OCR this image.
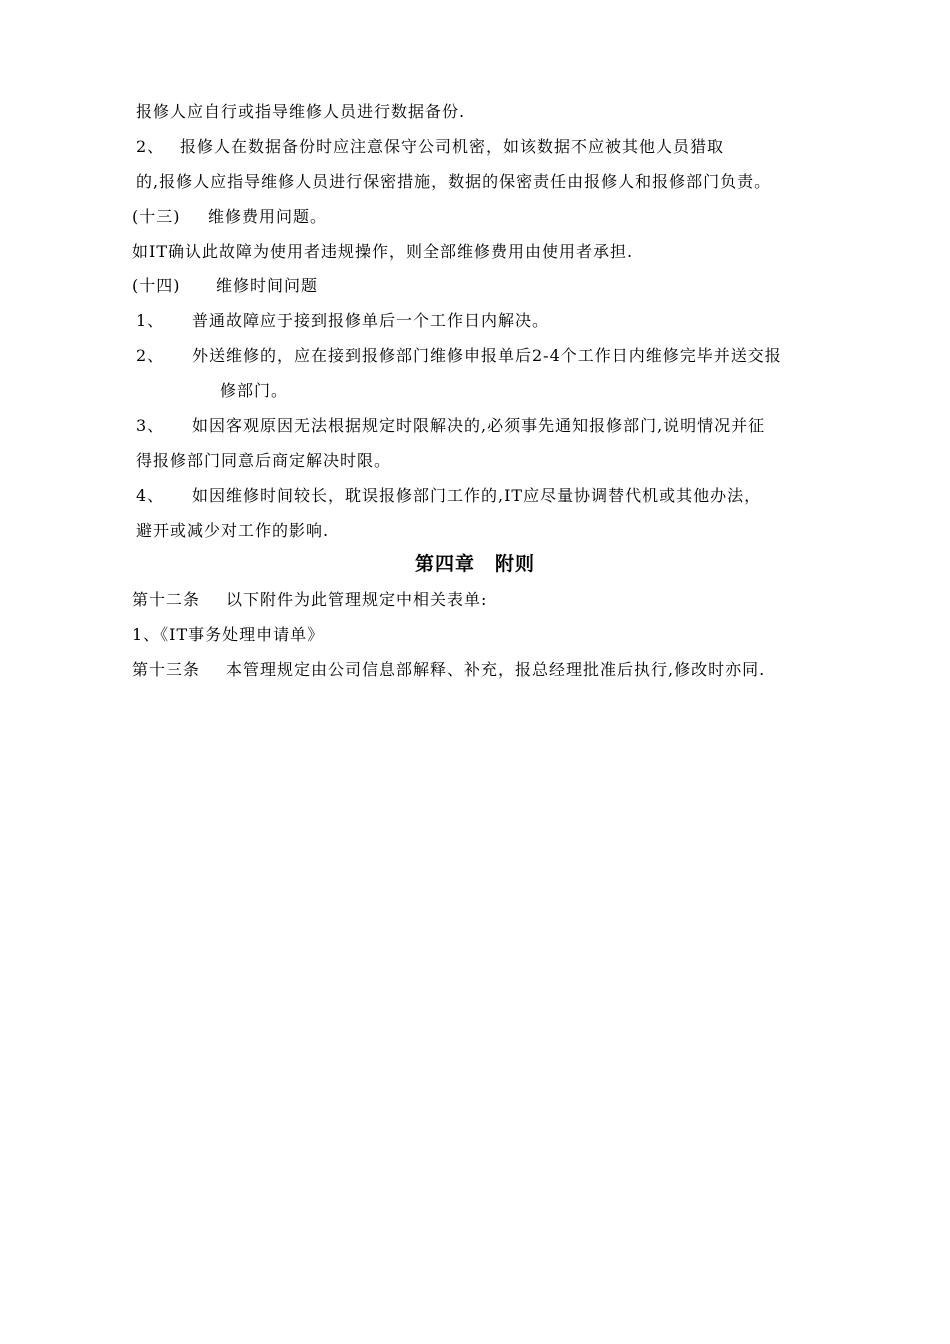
报修人应自行或指导维修人员进行数据备份.
2、 报修人在数据备份时应注意保守公司机密，如该数据不应被其他人员猎取
的,报修人应指导维修人员进行保密措施，数据的保密责任由报修人和报修部门负责。
(十三) 维修费用问题。
如IT确认此故障为使用者违规操作，则全部维修费用由使用者承担.
(十四) 维修时间问题
1、 普通故障应于接到报修单后一个工作日内解决。
2、 外送维修的，应在接到报修部门维修申报单后2-4个工作日内维修完毕并送交报
修部门。
3、 如因客观原因无法根据规定时限解决的,必须事先通知报修部门,说明情况并征
得报修部门同意后商定解决时限。
4、 如因维修时间较长，耽误报修部门工作的,IT应尽量协调替代机或其他办法，
避开或减少对工作的影响.
第四章　附则
第十二条 以下附件为此管理规定中相关表单:
1、《IT事务处理申请单》
第十三条 本管理规定由公司信息部解释、补充，报总经理批准后执行,修改时亦同.
